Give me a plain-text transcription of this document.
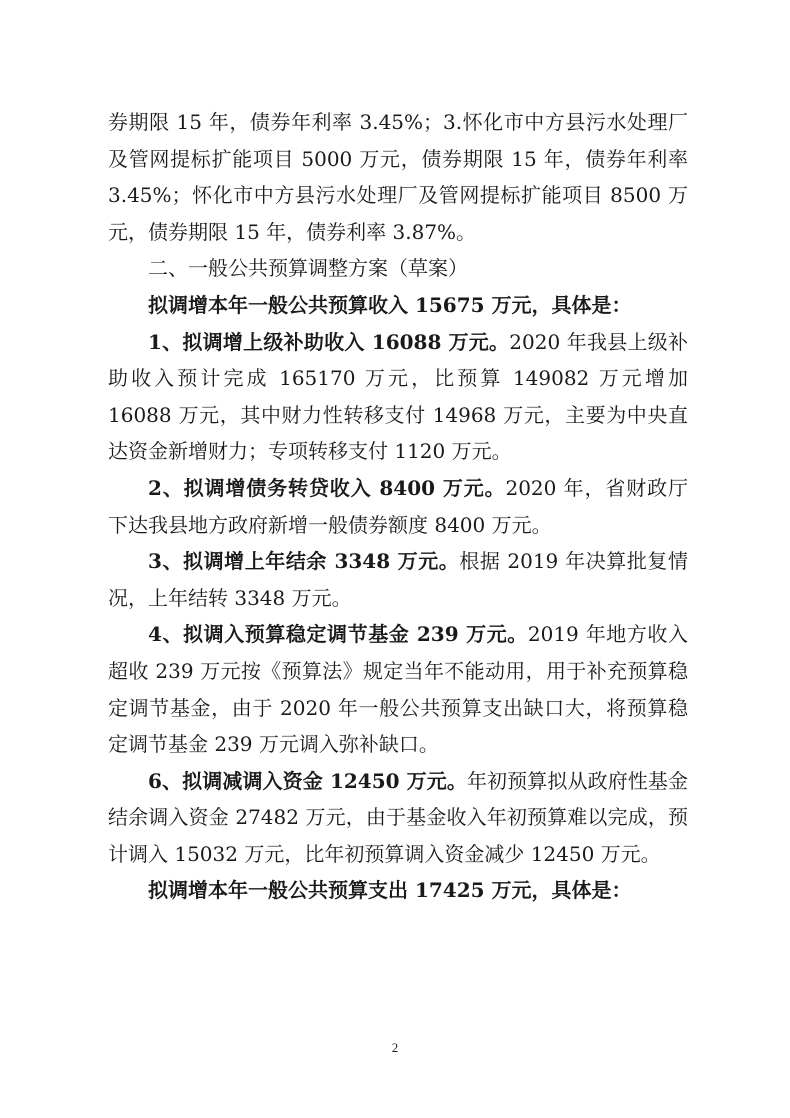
券期限 15 年，债券年利率 3.45%；3.怀化市中方县污水处理厂及管网提标扩能项目 5000 万元，债券期限 15 年，债券年利率 3.45%；怀化市中方县污水处理厂及管网提标扩能项目 8500 万元，债券期限 15 年，债券利率 3.87%。

二、一般公共预算调整方案（草案）

拟调增本年一般公共预算收入 15675 万元，具体是：

1、拟调增上级补助收入 16088 万元。2020 年我县上级补助收入预计完成 165170 万元，比预算 149082 万元增加 16088 万元，其中财力性转移支付 14968 万元，主要为中央直达资金新增财力；专项转移支付 1120 万元。

2、拟调增债务转贷收入 8400 万元。2020 年，省财政厅下达我县地方政府新增一般债券额度 8400 万元。

3、拟调增上年结余 3348 万元。根据 2019 年决算批复情况，上年结转 3348 万元。

4、拟调入预算稳定调节基金 239 万元。2019 年地方收入超收 239 万元按《预算法》规定当年不能动用，用于补充预算稳定调节基金，由于 2020 年一般公共预算支出缺口大，将预算稳定调节基金 239 万元调入弥补缺口。

6、拟调减调入资金 12450 万元。年初预算拟从政府性基金结余调入资金 27482 万元，由于基金收入年初预算难以完成，预计调入 15032 万元，比年初预算调入资金减少 12450 万元。

拟调增本年一般公共预算支出 17425 万元，具体是：

2
